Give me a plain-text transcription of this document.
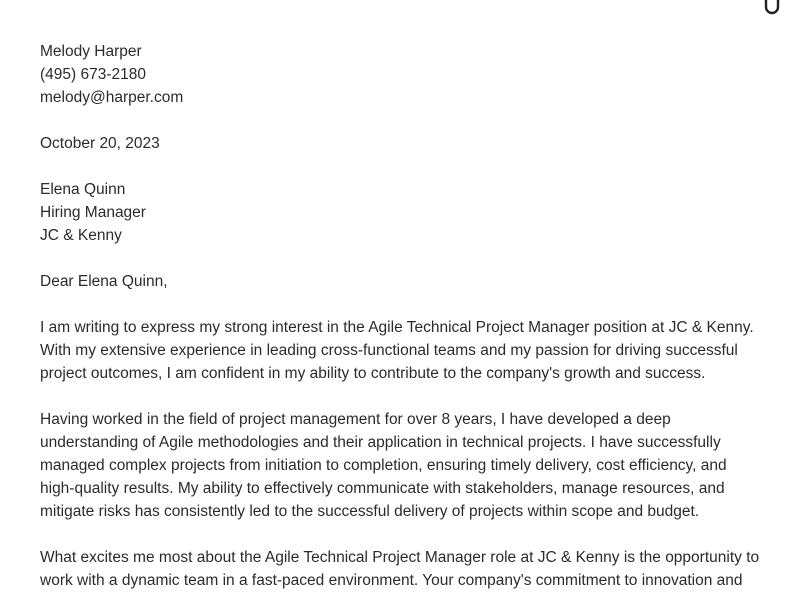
Melody Harper
(495) 673-2180
melody@harper.com
October 20, 2023
Elena Quinn
Hiring Manager
JC & Kenny
Dear Elena Quinn,

I am writing to express my strong interest in the Agile Technical Project Manager position at JC & Kenny. With my extensive experience in leading cross-functional teams and my passion for driving successful project outcomes, I am confident in my ability to contribute to the company's growth and success.

Having worked in the field of project management for over 8 years, I have developed a deep understanding of Agile methodologies and their application in technical projects. I have successfully managed complex projects from initiation to completion, ensuring timely delivery, cost efficiency, and high-quality results. My ability to effectively communicate with stakeholders, manage resources, and mitigate risks has consistently led to the successful delivery of projects within scope and budget.

What excites me most about the Agile Technical Project Manager role at JC & Kenny is the opportunity to work with a dynamic team in a fast-paced environment. Your company's commitment to innovation and
